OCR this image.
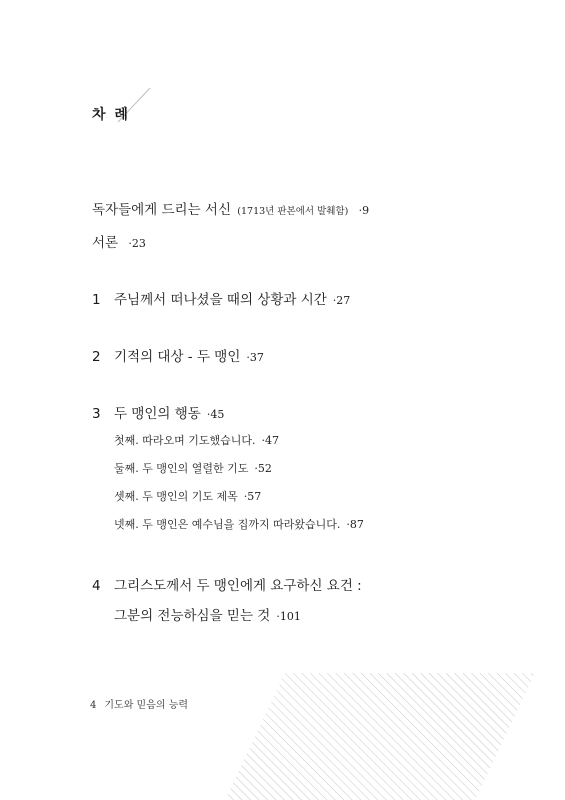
차 례
독자들에게 드리는 서신 (1713년 판본에서 발췌함) ·9
서론 ·23
1 주님께서 떠나셨을 때의 상황과 시간 ·27
2 기적의 대상 - 두 맹인 ·37
3 두 맹인의 행동 ·45
첫째. 따라오며 기도했습니다. ·47
둘째. 두 맹인의 열렬한 기도 ·52
셋째. 두 맹인의 기도 제목 ·57
넷째. 두 맹인은 예수님을 집까지 따라왔습니다. ·87
4 그리스도께서 두 맹인에게 요구하신 요건 :
그분의 전능하심을 믿는 것 ·101
4 기도와 믿음의 능력
